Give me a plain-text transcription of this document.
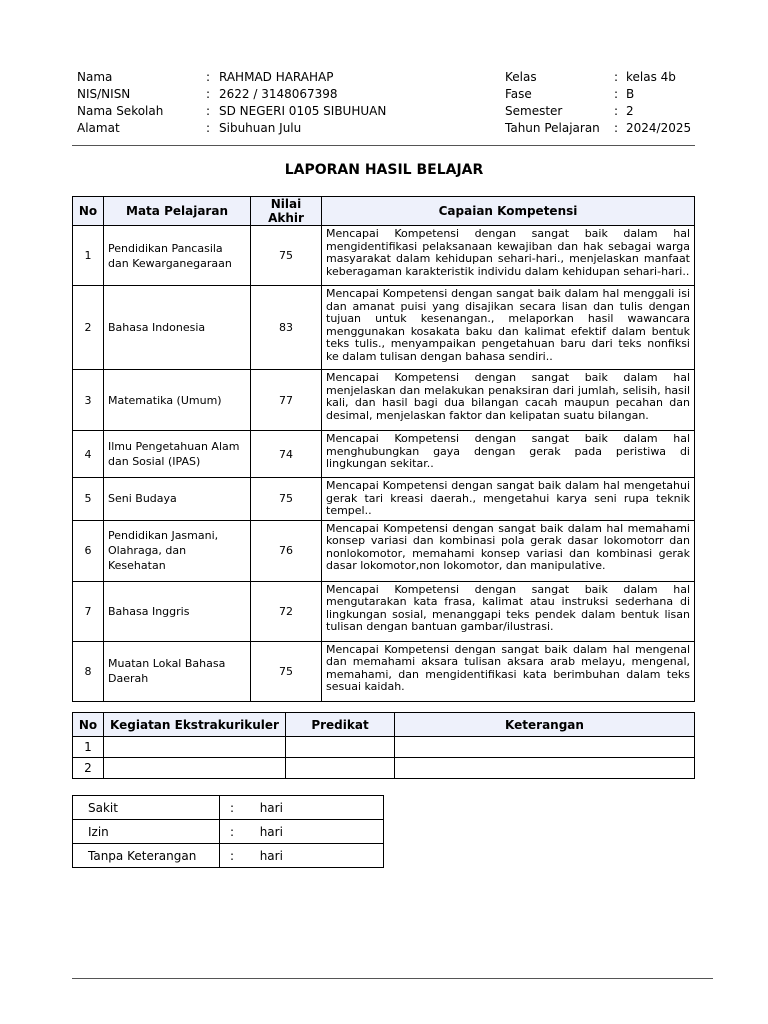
Nama	: RAHMAD HARAHAP
NIS/NISN	: 2622 / 3148067398
Nama Sekolah	: SD NEGERI 0105 SIBUHUAN
Alamat	: Sibuhuan Julu
Kelas	: kelas 4b
Fase	: B
Semester	: 2
Tahun Pelajaran	: 2024/2025
LAPORAN HASIL BELAJAR
No	Mata Pelajaran	Nilai Akhir	Capaian Kompetensi
1	Pendidikan Pancasila dan Kewarganegaraan	75	Mencapai Kompetensi dengan sangat baik dalam hal mengidentifikasi pelaksanaan kewajiban dan hak sebagai warga masyarakat dalam kehidupan sehari-hari., menjelaskan manfaat keberagaman karakteristik individu dalam kehidupan sehari-hari..
2	Bahasa Indonesia	83	Mencapai Kompetensi dengan sangat baik dalam hal menggali isi dan amanat puisi yang disajikan secara lisan dan tulis dengan tujuan untuk kesenangan., melaporkan hasil wawancara menggunakan kosakata baku dan kalimat efektif dalam bentuk teks tulis., menyampaikan pengetahuan baru dari teks nonfiksi ke dalam tulisan dengan bahasa sendiri..
3	Matematika (Umum)	77	Mencapai Kompetensi dengan sangat baik dalam hal menjelaskan dan melakukan penaksiran dari jumlah, selisih, hasil kali, dan hasil bagi dua bilangan cacah maupun pecahan dan desimal, menjelaskan faktor dan kelipatan suatu bilangan.
4	Ilmu Pengetahuan Alam dan Sosial (IPAS)	74	Mencapai Kompetensi dengan sangat baik dalam hal menghubungkan gaya dengan gerak pada peristiwa di lingkungan sekitar..
5	Seni Budaya	75	Mencapai Kompetensi dengan sangat baik dalam hal mengetahui gerak tari kreasi daerah., mengetahui karya seni rupa teknik tempel..
6	Pendidikan Jasmani, Olahraga, dan Kesehatan	76	Mencapai Kompetensi dengan sangat baik dalam hal memahami konsep variasi dan kombinasi pola gerak dasar lokomotorr dan nonlokomotor, memahami konsep variasi dan kombinasi gerak dasar lokomotor,non lokomotor, dan manipulative.
7	Bahasa Inggris	72	Mencapai Kompetensi dengan sangat baik dalam hal mengutarakan kata frasa, kalimat atau instruksi sederhana di lingkungan sosial, menanggapi teks pendek dalam bentuk lisan tulisan dengan bantuan gambar/ilustrasi.
8	Muatan Lokal Bahasa Daerah	75	Mencapai Kompetensi dengan sangat baik dalam hal mengenal dan memahami aksara tulisan aksara arab melayu, mengenal, memahami, dan mengidentifikasi kata berimbuhan dalam teks sesuai kaidah.
No	Kegiatan Ekstrakurikuler	Predikat	Keterangan
1			
2			
Sakit	: hari
Izin	: hari
Tanpa Keterangan	: hari
